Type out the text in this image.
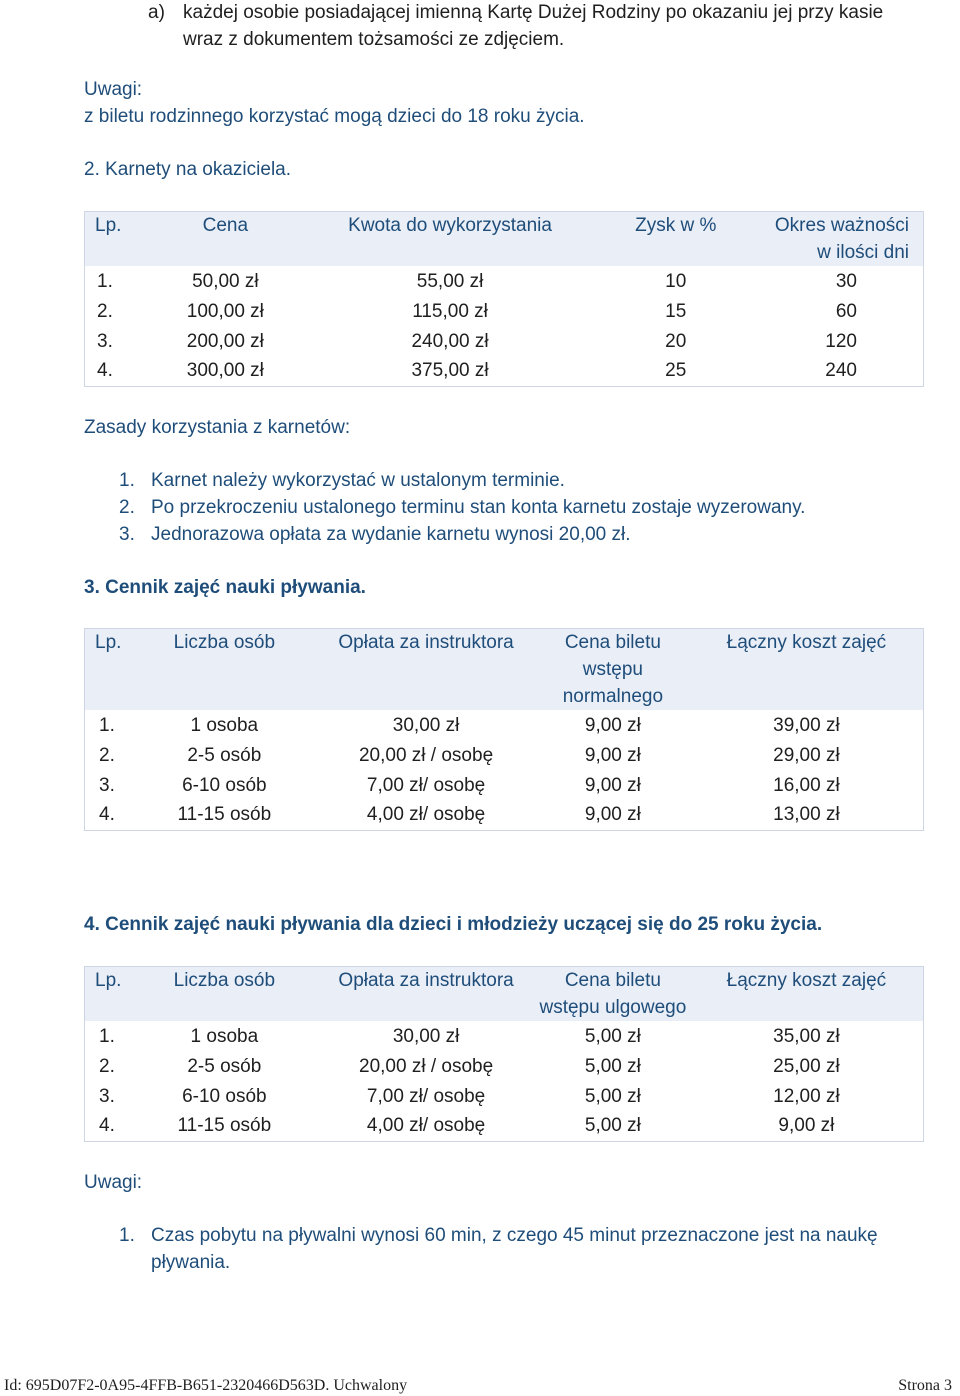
a) każdej osobie posiadającej imienną Kartę Dużej Rodziny po okazaniu jej przy kasie
wraz z dokumentem tożsamości ze zdjęciem.
Uwagi:
z biletu rodzinnego korzystać mogą dzieci do 18 roku życia.
2. Karnety na okaziciela.
Lp.	Cena	Kwota do wykorzystania	Zysk w %	Okres ważności
w ilości dni

1.	50,00 zł	55,00 zł	10	30
2.	100,00 zł	115,00 zł	15	60
3.	200,00 zł	240,00 zł	20	120
4.	300,00 zł	375,00 zł	25	240
Zasady korzystania z karnetów:
1. Karnet należy wykorzystać w ustalonym terminie.
2. Po przekroczeniu ustalonego terminu stan konta karnetu zostaje wyzerowany.
3. Jednorazowa opłata za wydanie karnetu wynosi 20,00 zł.
3. Cennik zajęć nauki pływania.
Lp.	Liczba osób	Opłata za instruktora	Cena biletu
wstępu
normalnego	Łączny koszt zajęć
1.	1 osoba	30,00 zł	9,00 zł	39,00 zł
2.	2-5 osób	20,00 zł / osobę	9,00 zł	29,00 zł
3.	6-10 osób	7,00 zł/ osobę	9,00 zł	16,00 zł
4.	11-15 osób	4,00 zł/ osobę	9,00 zł	13,00 zł
4. Cennik zajęć nauki pływania dla dzieci i młodzieży uczącej się do 25 roku życia.
Lp.	Liczba osób	Opłata za instruktora	Cena biletu
wstępu ulgowego	Łączny koszt zajęć
1.	1 osoba	30,00 zł	5,00 zł	35,00 zł
2.	2-5 osób	20,00 zł / osobę	5,00 zł	25,00 zł
3.	6-10 osób	7,00 zł/ osobę	5,00 zł	12,00 zł
4.	11-15 osób	4,00 zł/ osobę	5,00 zł	9,00 zł
Uwagi:
1. Czas pobytu na pływalni wynosi 60 min, z czego 45 minut przeznaczone jest na naukę
pływania.
Id: 695D07F2-0A95-4FFB-B651-2320466D563D. Uchwalony	Strona 3
